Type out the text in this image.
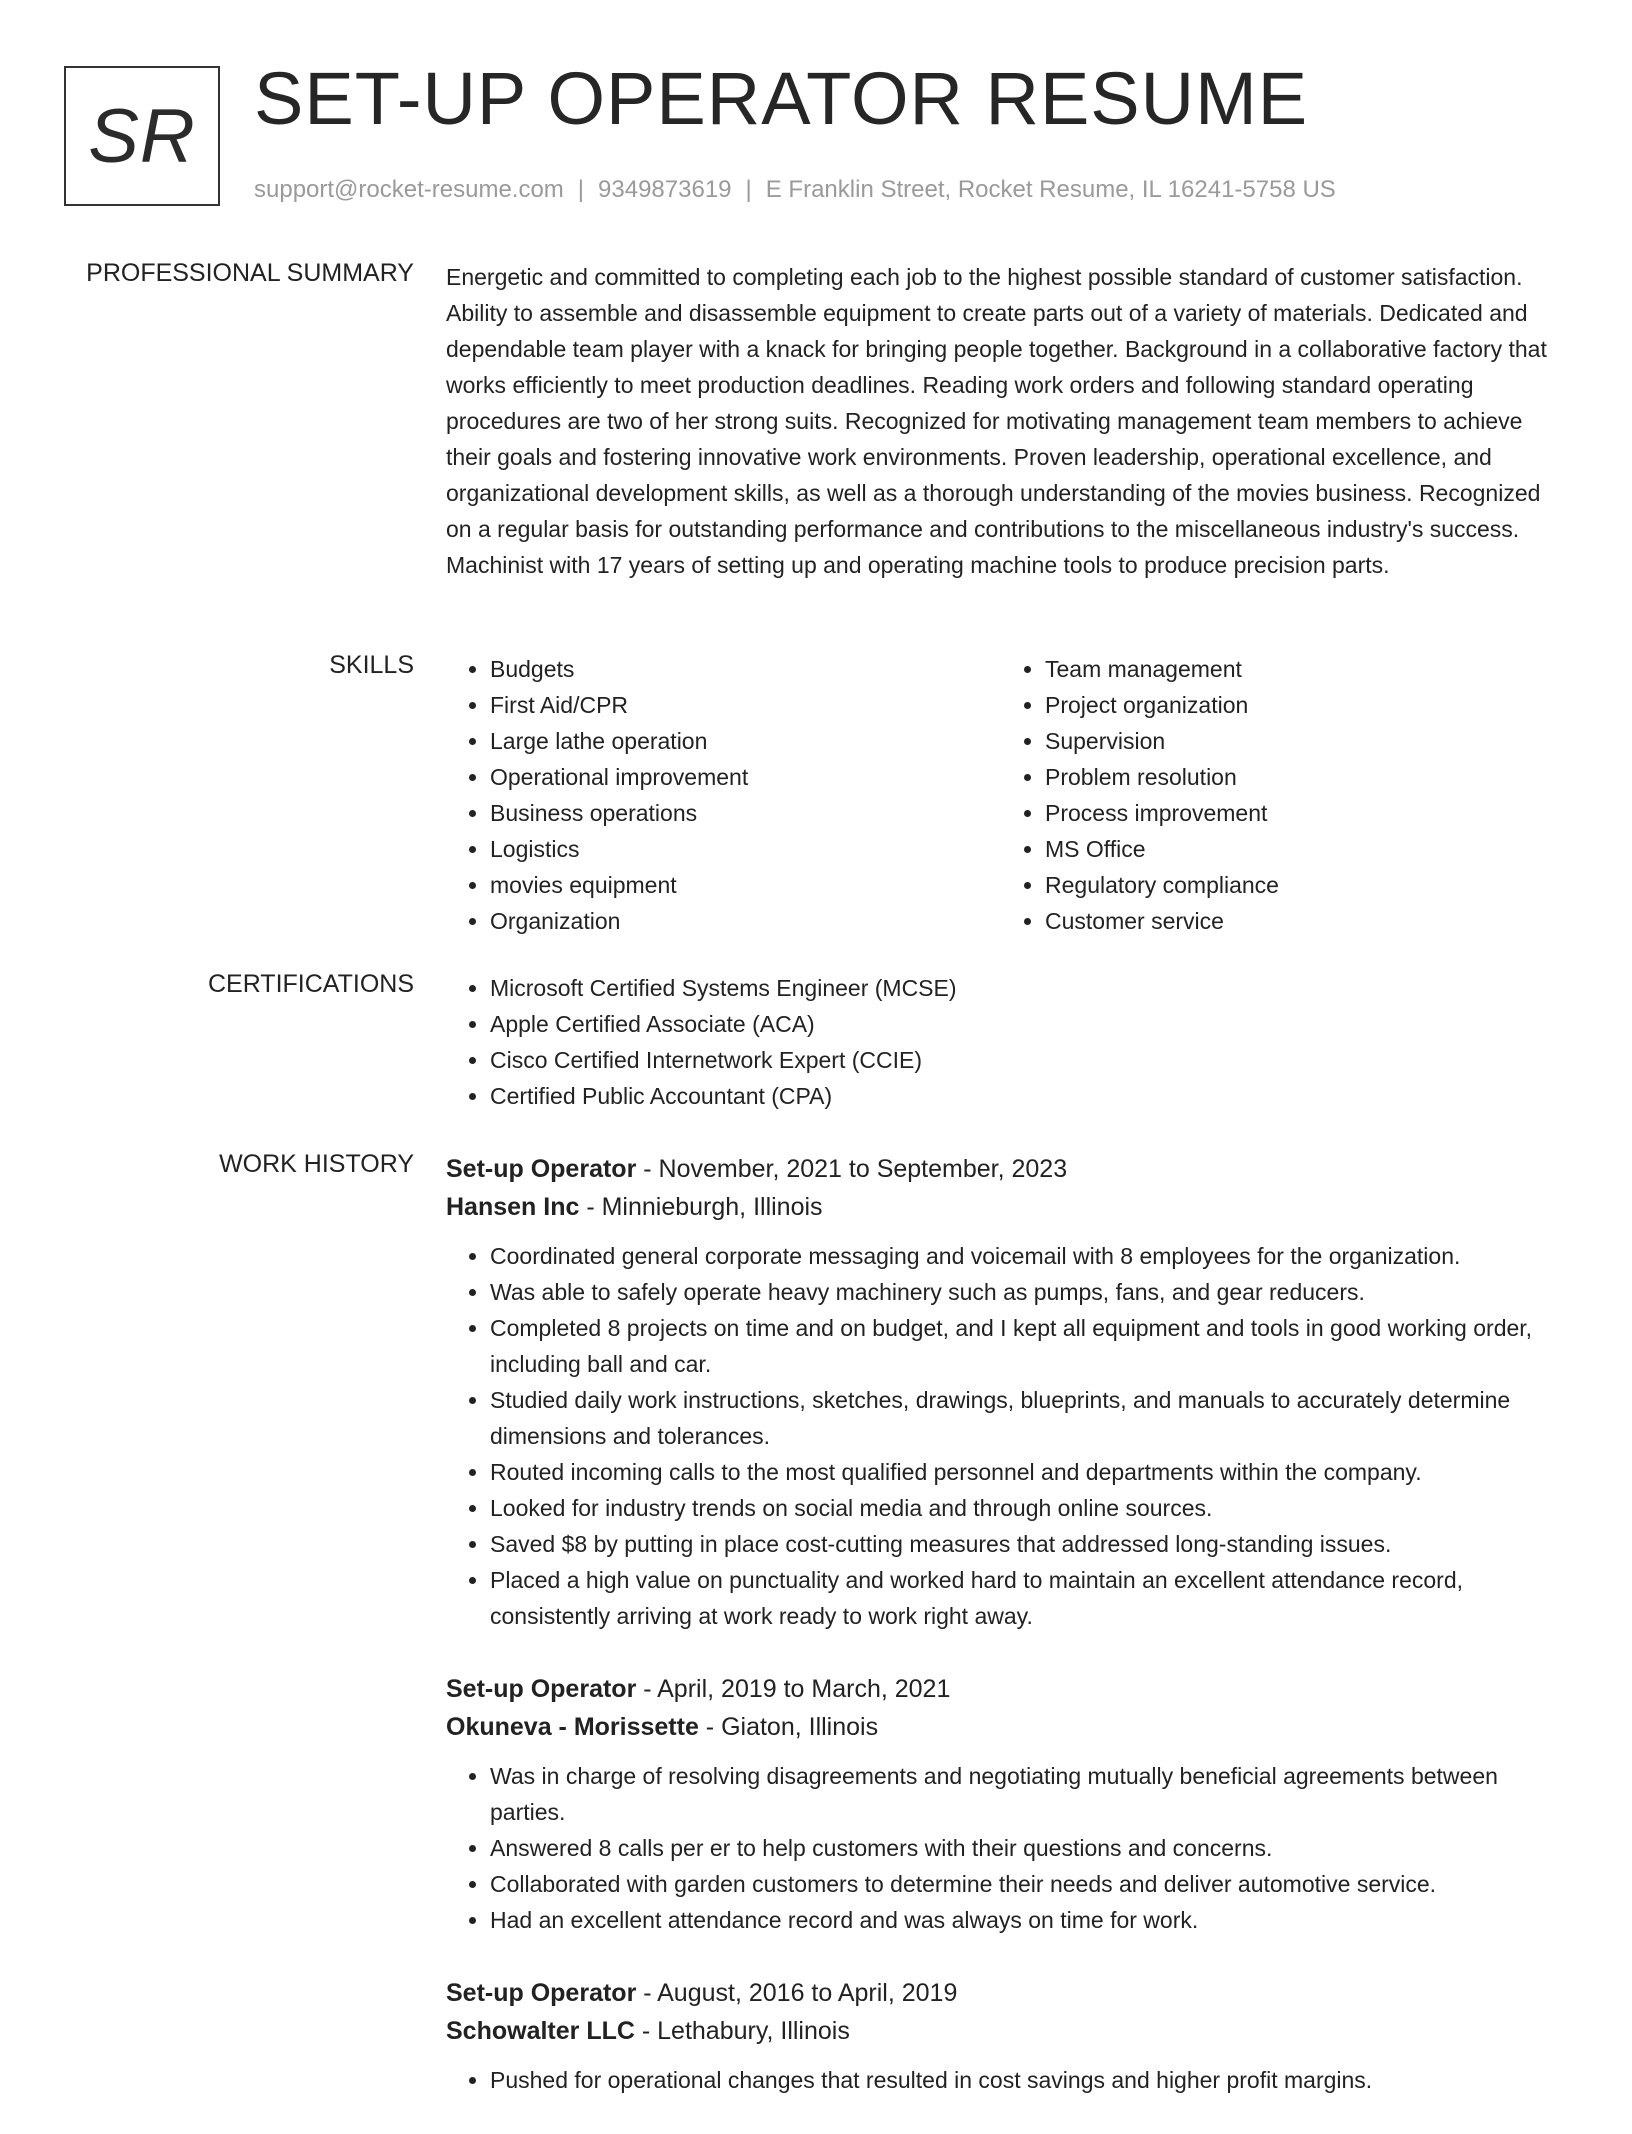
SR SET-UP OPERATOR RESUME
support@rocket-resume.com | 9349873619 | E Franklin Street, Rocket Resume, IL 16241-5758 US
PROFESSIONAL SUMMARY Energetic and committed to completing each job to the highest possible standard of customer satisfaction. Ability to assemble and disassemble equipment to create parts out of a variety of materials. Dedicated and dependable team player with a knack for bringing people together. Background in a collaborative factory that works efficiently to meet production deadlines. Reading work orders and following standard operating procedures are two of her strong suits. Recognized for motivating management team members to achieve their goals and fostering innovative work environments. Proven leadership, operational excellence, and organizational development skills, as well as a thorough understanding of the movies business. Recognized on a regular basis for outstanding performance and contributions to the miscellaneous industry's success. Machinist with 17 years of setting up and operating machine tools to produce precision parts.

SKILLS	• Budgets
• First Aid/CPR
• Large lathe operation
• Operational improvement
• Business operations
• Logistics
• movies equipment
• Organization
• Team management
• Project organization
• Supervision
• Problem resolution
• Process improvement
• MS Office
• Regulatory compliance
• Customer service
CERTIFICATIONS	• Microsoft Certified Systems Engineer (MCSE)
• Apple Certified Associate (ACA)
• Cisco Certified Internetwork Expert (CCIE)
• Certified Public Accountant (CPA)
WORK HISTORY Set-up Operator - November, 2021 to September, 2023
Hansen Inc - Minnieburgh, Illinois
• Coordinated general corporate messaging and voicemail with 8 employees for the organization.
• Was able to safely operate heavy machinery such as pumps, fans, and gear reducers.
• Completed 8 projects on time and on budget, and I kept all equipment and tools in good working order, including ball and car.
• Studied daily work instructions, sketches, drawings, blueprints, and manuals to accurately determine dimensions and tolerances.
• Routed incoming calls to the most qualified personnel and departments within the company.
• Looked for industry trends on social media and through online sources.
• Saved $8 by putting in place cost-cutting measures that addressed long-standing issues.
• Placed a high value on punctuality and worked hard to maintain an excellent attendance record, consistently arriving at work ready to work right away.
Set-up Operator - April, 2019 to March, 2021
Okuneva - Morissette - Giaton, Illinois
• Was in charge of resolving disagreements and negotiating mutually beneficial agreements between parties.
• Answered 8 calls per er to help customers with their questions and concerns.
• Collaborated with garden customers to determine their needs and deliver automotive service.
• Had an excellent attendance record and was always on time for work.
Set-up Operator - August, 2016 to April, 2019
Schowalter LLC - Lethabury, Illinois
• Pushed for operational changes that resulted in cost savings and higher profit margins.
